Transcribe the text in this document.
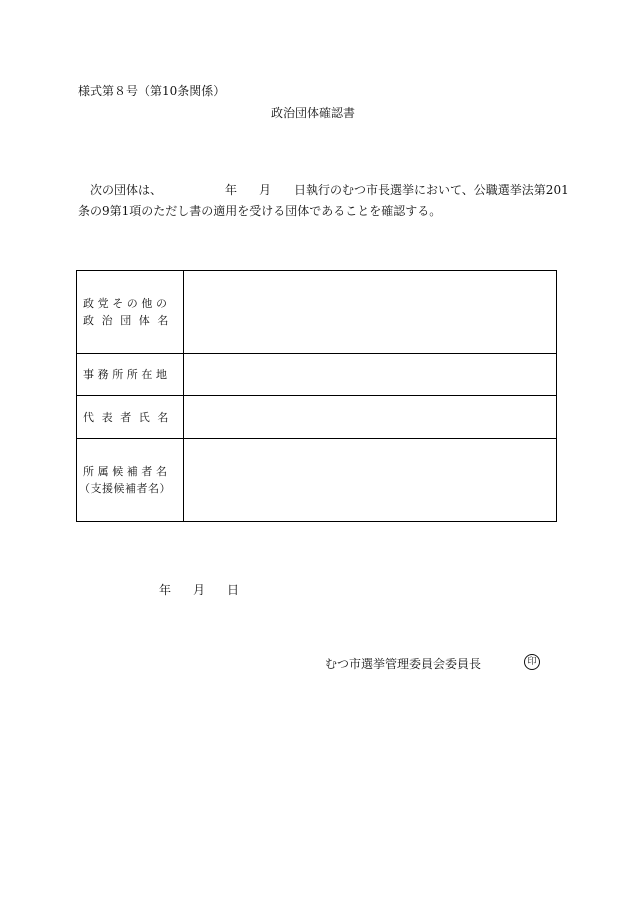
様式第８号（第10条関係）
政治団体確認書
　次の団体は、	年 月 日執行のむつ市長選挙において、公職選挙法第201
条の9第1項のただし書の適用を受ける団体であることを確認する。
政党その他の
政治団体名	

事務所所在地	

代表者氏名	

所属候補者名
（支援候補者名）	

年 月 日
むつ市選挙管理委員会委員長	印
